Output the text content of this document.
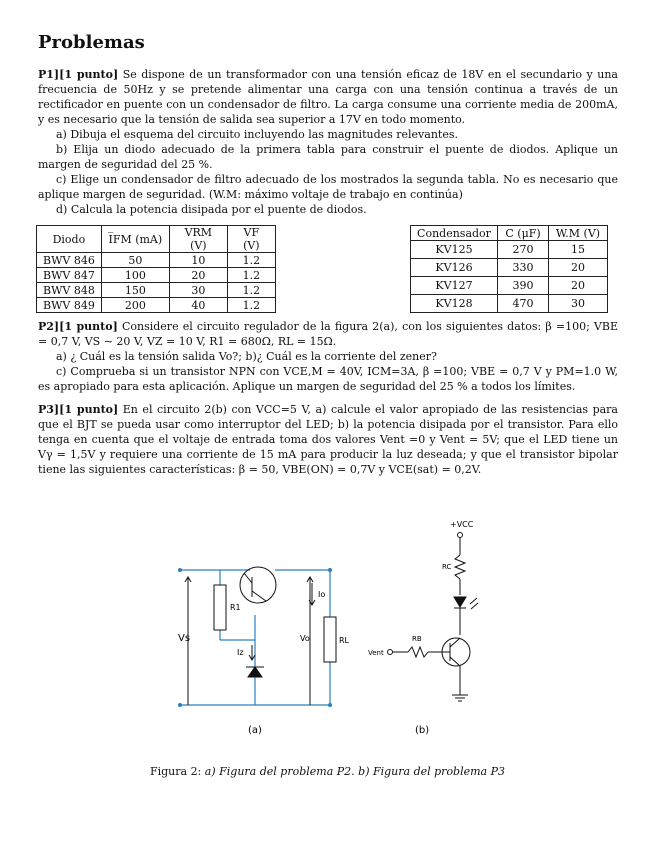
Problemas

P1][1 punto] Se dispone de un transformador con una tensión eficaz de 18V en el secundario y una frecuencia de 50Hz y se pretende alimentar una carga con una tensión continua a través de un rectificador en puente con un condensador de filtro. La carga consume una corriente media de 200mA, y es necesario que la tensión de salida sea superior a 17V en todo momento.

a) Dibuja el esquema del circuito incluyendo las magnitudes relevantes.

b) Elija un diodo adecuado de la primera tabla para construir el puente de diodos. Aplique un margen de seguridad del 25 %.

c) Elige un condensador de filtro adecuado de los mostrados la segunda tabla. No es necesario que aplique margen de seguridad. (W.M: máximo voltaje de trabajo en continúa)

d) Calcula la potencia disipada por el puente de diodos.

Diodo	I̅FM (mA)	VRM (V)	VF (V)
BWV 846	50	10	1.2
BWV 847	100	20	1.2
BWV 848	150	30	1.2
BWV 849	200	40	1.2
Condensador	C (μF)	W.M (V)
KV125	270	15
KV126	330	20
KV127	390	20
KV128	470	30

P2][1 punto] Considere el circuito regulador de la figura 2(a), con los siguientes datos: β =100; VBE = 0,7 V, VS ∼ 20 V, VZ = 10 V, R1 = 680Ω, RL = 15Ω.

a) ¿ Cuál es la tensión salida Vo?; b)¿ Cuál es la corriente del zener?

c) Comprueba si un transistor NPN con VCE,M = 40V, ICM=3A, β =100; VBE = 0,7 V y PM=1.0 W, es apropiado para esta aplicación. Aplique un margen de seguridad del 25 % a todos los límites.

P3][1 punto] En el circuito 2(b) con VCC=5 V, a) calcule el valor apropiado de las resistencias para que el BJT se pueda usar como interruptor del LED; b) la potencia disipada por el transistor. Para ello tenga en cuenta que el voltaje de entrada toma dos valores Vent =0 y Vent = 5V; que el LED tiene un Vγ = 1,5V y requiere una corriente de 15 mA para producir la luz deseada; y que el transistor bipolar tiene las siguientes características: β = 50, VBE(ON) = 0,7V y VCE(sat) = 0,2V.

Vs
R1
Io
Iz
Vo	RL
(a)
+VCC
RC
RB
Vent
(b)
Figura 2: a) Figura del problema P2. b) Figura del problema P3
